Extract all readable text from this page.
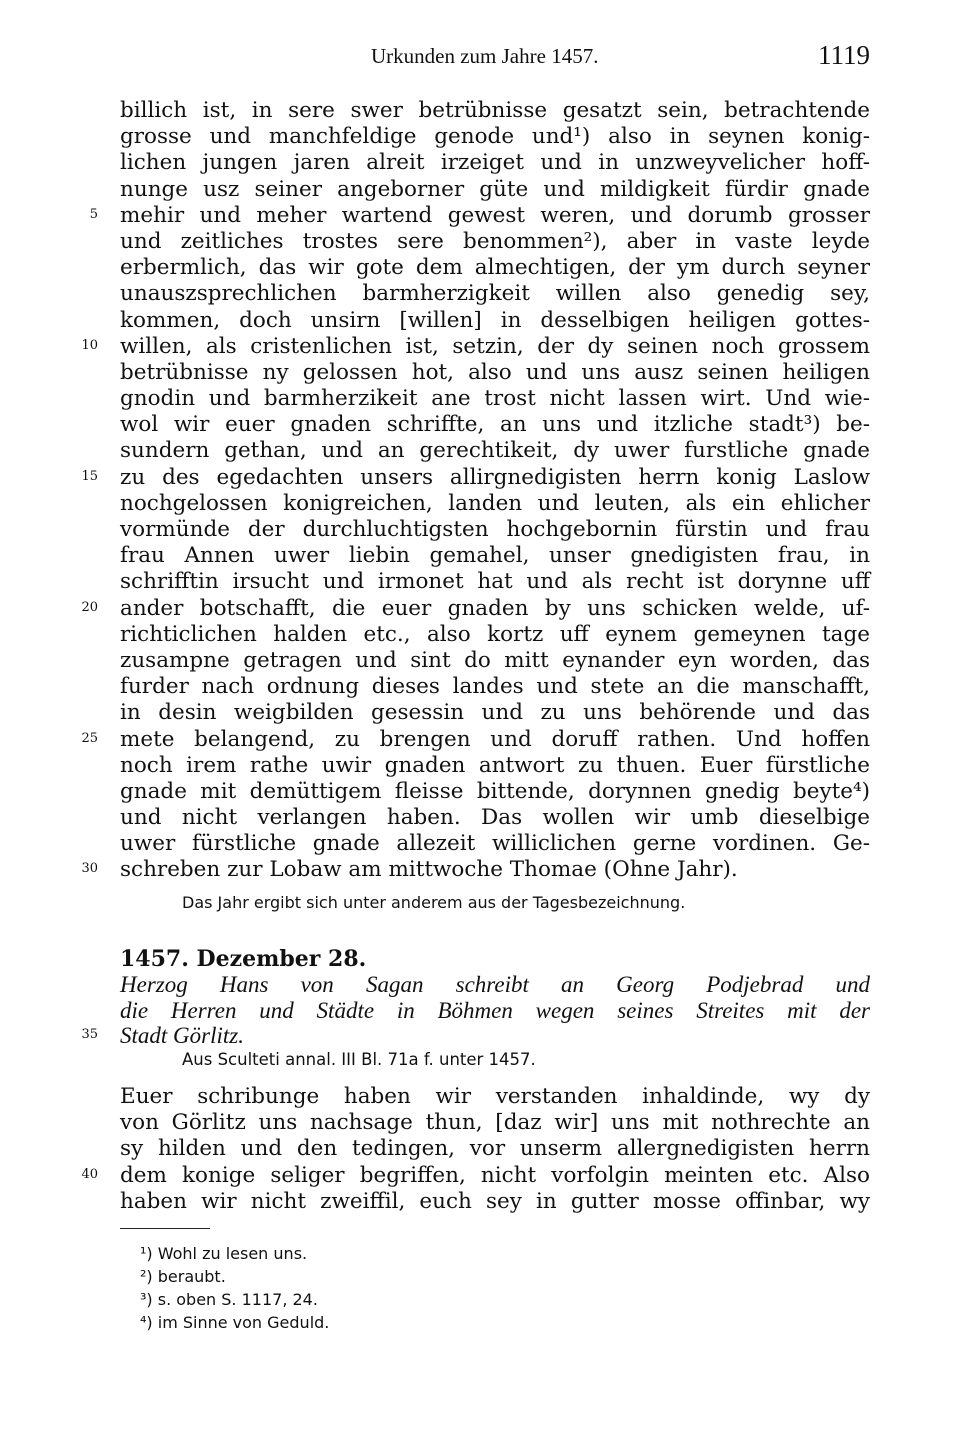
Urkunden zum Jahre 1457.	1119
billich ist, in sere swer betrübnisse gesatzt sein, betrachtende
grosse und manchfeldige genode und¹) also in seynen konig-
lichen jungen jaren alreit irzeiget und in unzweyvelicher hoff-
nunge usz seiner angeborner güte und mildigkeit fürdir gnade
5 mehir und meher wartend gewest weren, und dorumb grosser
und zeitliches trostes sere benommen²), aber in vaste leyde
erbermlich, das wir gote dem almechtigen, der ym durch seyner
unauszsprechlichen barmherzigkeit willen also genedig sey,
kommen, doch unsirn [willen] in desselbigen heiligen gottes-
10 willen, als cristenlichen ist, setzin, der dy seinen noch grossem
betrübnisse ny gelossen hot, also und uns ausz seinen heiligen
gnodin und barmherzikeit ane trost nicht lassen wirt. Und wie-
wol wir euer gnaden schriffte, an uns und itzliche stadt³) be-
sundern gethan, und an gerechtikeit, dy uwer furstliche gnade
15 zu des egedachten unsers allirgnedigisten herrn konig Laslow
nochgelossen konigreichen, landen und leuten, als ein ehlicher
vormünde der durchluchtigsten hochgebornin fürstin und frau
frau Annen uwer liebin gemahel, unser gnedigisten frau, in
schrifftin irsucht und irmonet hat und als recht ist dorynne uff
20 ander botschafft, die euer gnaden by uns schicken welde, uf-
richticlichen halden etc., also kortz uff eynem gemeynen tage
zusampne getragen und sint do mitt eynander eyn worden, das
furder nach ordnung dieses landes und stete an die manschafft,
in desin weigbilden gesessin und zu uns behörende und das
25 mete belangend, zu brengen und doruff rathen. Und hoffen
noch irem rathe uwir gnaden antwort zu thuen. Euer fürstliche
gnade mit demüttigem fleisse bittende, dorynnen gnedig beyte⁴)
und nicht verlangen haben. Das wollen wir umb dieselbige
uwer fürstliche gnade allezeit williclichen gerne vordinen. Ge-
30 schreben zur Lobaw am mittwoche Thomae (Ohne Jahr).
Das Jahr ergibt sich unter anderem aus der Tagesbezeichnung.
1457. Dezember 28.
Herzog Hans von Sagan schreibt an Georg Podjebrad und
die Herren und Städte in Böhmen wegen seines Streites mit der
35 Stadt Görlitz.
Aus Sculteti annal. III Bl. 71a f. unter 1457.
Euer schribunge haben wir verstanden inhaldinde, wy dy
von Görlitz uns nachsage thun, [daz wir] uns mit nothrechte an
sy hilden und den tedingen, vor unserm allergnedigisten herrn
40 dem konige seliger begriffen, nicht vorfolgin meinten etc. Also
haben wir nicht zweiffil, euch sey in gutter mosse offinbar, wy
¹) Wohl zu lesen uns.
²) beraubt.
³) s. oben S. 1117, 24.
⁴) im Sinne von Geduld.
